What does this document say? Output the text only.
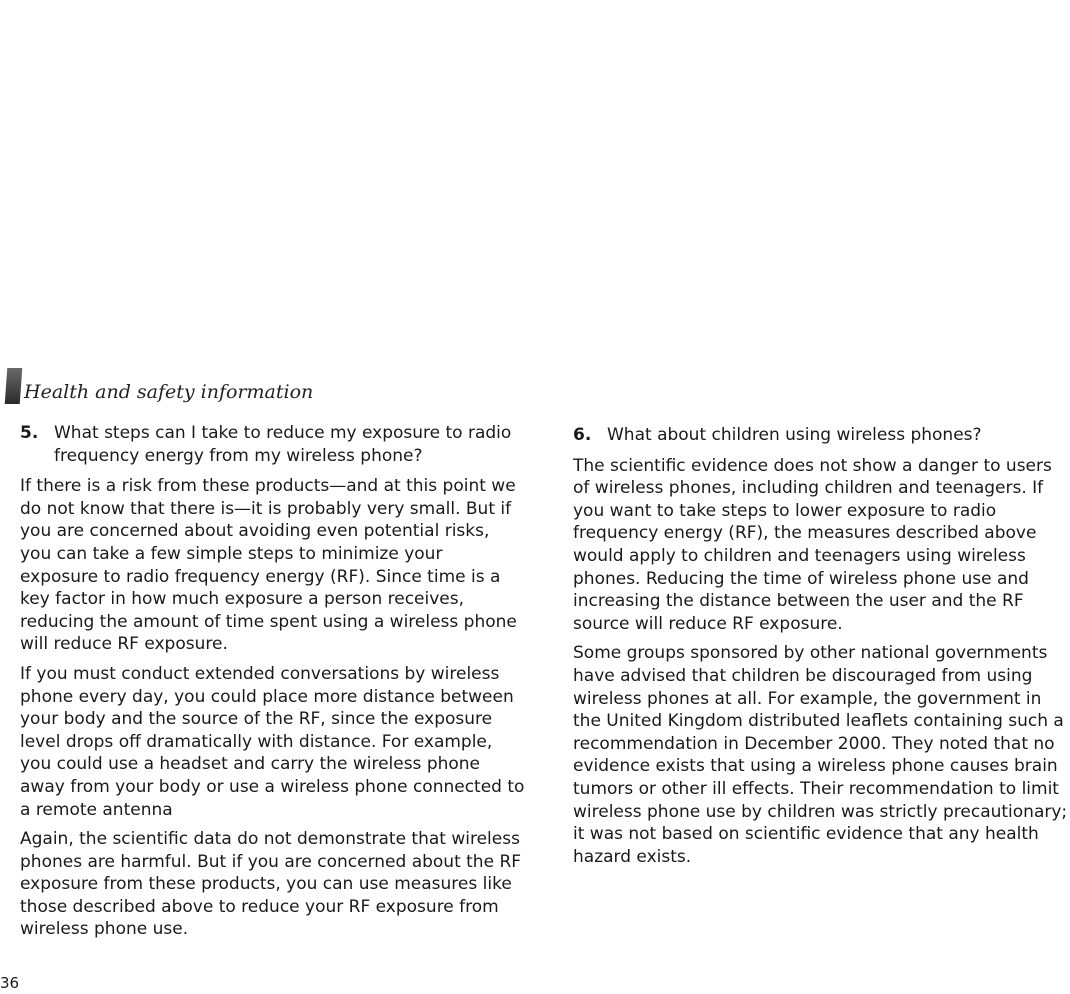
Health and safety information
5. What steps can I take to reduce my exposure to radio frequency energy from my wireless phone?

If there is a risk from these products—and at this point we do not know that there is—it is probably very small. But if you are concerned about avoiding even potential risks, you can take a few simple steps to minimize your exposure to radio frequency energy (RF). Since time is a key factor in how much exposure a person receives, reducing the amount of time spent using a wireless phone will reduce RF exposure.

If you must conduct extended conversations by wireless phone every day, you could place more distance between your body and the source of the RF, since the exposure level drops off dramatically with distance. For example, you could use a headset and carry the wireless phone away from your body or use a wireless phone connected to a remote antenna

Again, the scientific data do not demonstrate that wireless phones are harmful. But if you are concerned about the RF exposure from these products, you can use measures like those described above to reduce your RF exposure from wireless phone use.

6. What about children using wireless phones?

The scientific evidence does not show a danger to users of wireless phones, including children and teenagers. If you want to take steps to lower exposure to radio frequency energy (RF), the measures described above would apply to children and teenagers using wireless phones. Reducing the time of wireless phone use and increasing the distance between the user and the RF source will reduce RF exposure.

Some groups sponsored by other national governments have advised that children be discouraged from using wireless phones at all. For example, the government in the United Kingdom distributed leaflets containing such a recommendation in December 2000. They noted that no evidence exists that using a wireless phone causes brain tumors or other ill effects. Their recommendation to limit wireless phone use by children was strictly precautionary; it was not based on scientific evidence that any health hazard exists.

36
